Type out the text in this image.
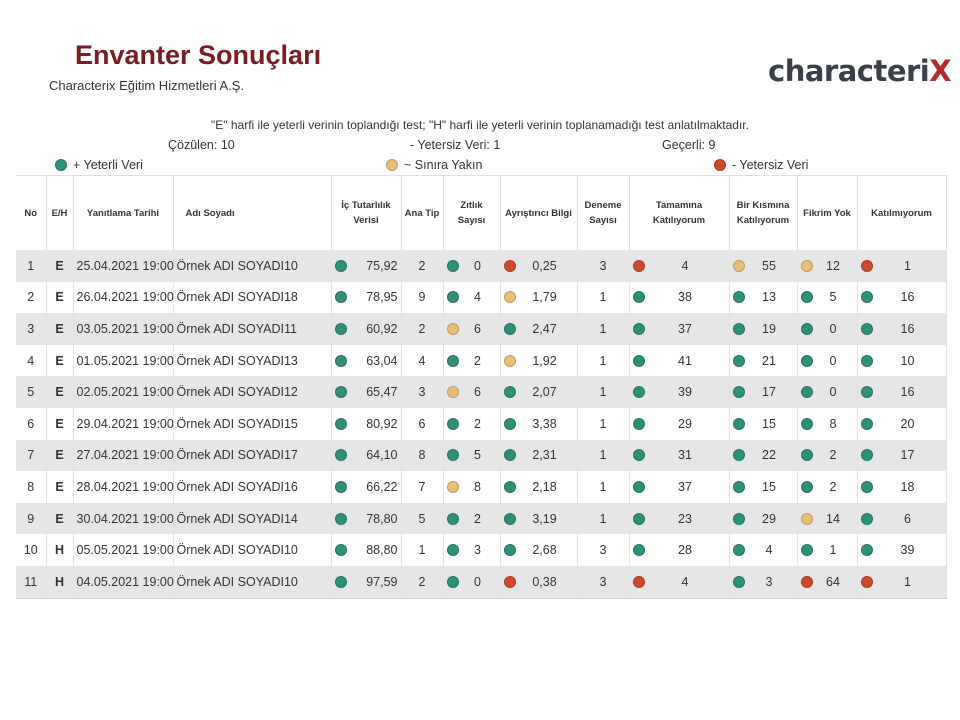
Envanter Sonuçları
Characterix Eğitim Hizmetleri A.Ş.	characteriX
"E" harfi ile yeterli verinin toplandığı test; "H" harfi ile yeterli verinin toplanamadığı test anlatılmaktadır.
Çözülen: 10	- Yetersiz Veri: 1	Geçerli: 9
+ Yeterli Veri	~ Sınıra Yakın	- Yetersiz Veri
No	E/H	Yanıtlama Tarihi	Adı Soyadı	İç Tutarlılık Verisi	Ana Tip	Zıtlık Sayısı	Ayrıştırıcı Bilgi	Deneme Sayısı	Tamamına Katılıyorum	Bir Kısmına Katılıyorum	Fikrim Yok	Katılmıyorum
1	E	25.04.2021 19:00	Örnek ADI SOYADI10	75,92	2	0	0,25	3	4	55	12	1

2	E	26.04.2021 19:00	Örnek ADI SOYADI18	78,95	9	4	1,79	1	38	13	5	16

3	E	03.05.2021 19:00	Örnek ADI SOYADI11	60,92	2	6	2,47	1	37	19	0	16

4	E	01.05.2021 19:00	Örnek ADI SOYADI13	63,04	4	2	1,92	1	41	21	0	10

5	E	02.05.2021 19:00	Örnek ADI SOYADI12	65,47	3	6	2,07	1	39	17	0	16

6	E	29.04.2021 19:00	Örnek ADI SOYADI15	80,92	6	2	3,38	1	29	15	8	20

7	E	27.04.2021 19:00	Örnek ADI SOYADI17	64,10	8	5	2,31	1	31	22	2	17

8	E	28.04.2021 19:00	Örnek ADI SOYADI16	66,22	7	8	2,18	1	37	15	2	18

9	E	30.04.2021 19:00	Örnek ADI SOYADI14	78,80	5	2	3,19	1	23	29	14	6

10	H	05.05.2021 19:00	Örnek ADI SOYADI10	88,80	1	3	2,68	3	28	4	1	39

11	H	04.05.2021 19:00	Örnek ADI SOYADI10	97,59	2	0	0,38	3	4	3	64	1
